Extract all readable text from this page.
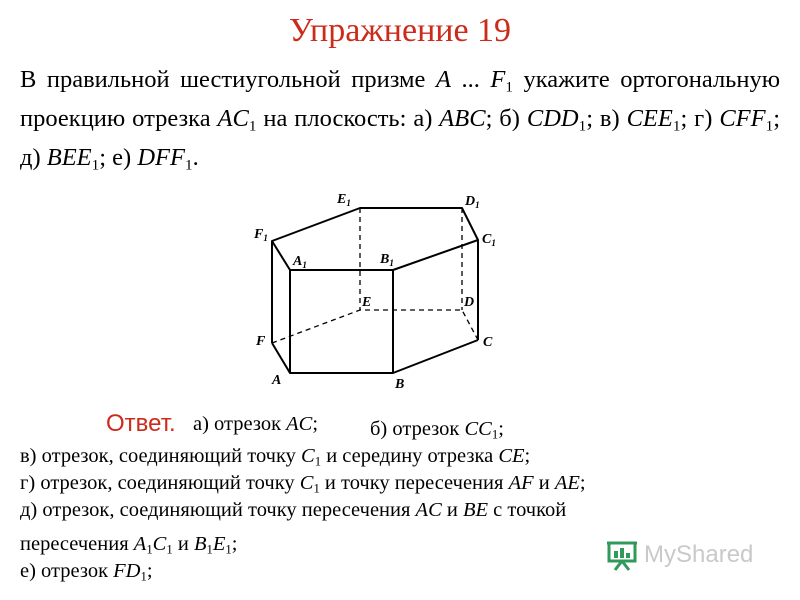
Упражнение 19
В правильной шестиугольной призме A ... $F_1$ укажите ортогональную проекцию отрезка $AC_1$ на плоскость: а) ABC; б) $CDD_1$; в) $CEE_1$; г) $CFF_1$; д) $BEE_1$; е) $DFF_1$.
$F_1$
$E_1$	$D_1$
$C_1$
$A_1$	$B_1$
E	D
F	C
A	B
Ответ. а) отрезок AC;	б) отрезок $CC_1$;
в) отрезок, соединяющий точку $C_1$ и середину отрезка CE;
г) отрезок, соединяющий точку $C_1$ и точку пересечения AF и AE;
д) отрезок, соединяющий точку пересечения AC и BE с точкой
пересечения $A_1C_1$ и $B_1E_1$;
е) отрезок $FD_1$;
MyShared
